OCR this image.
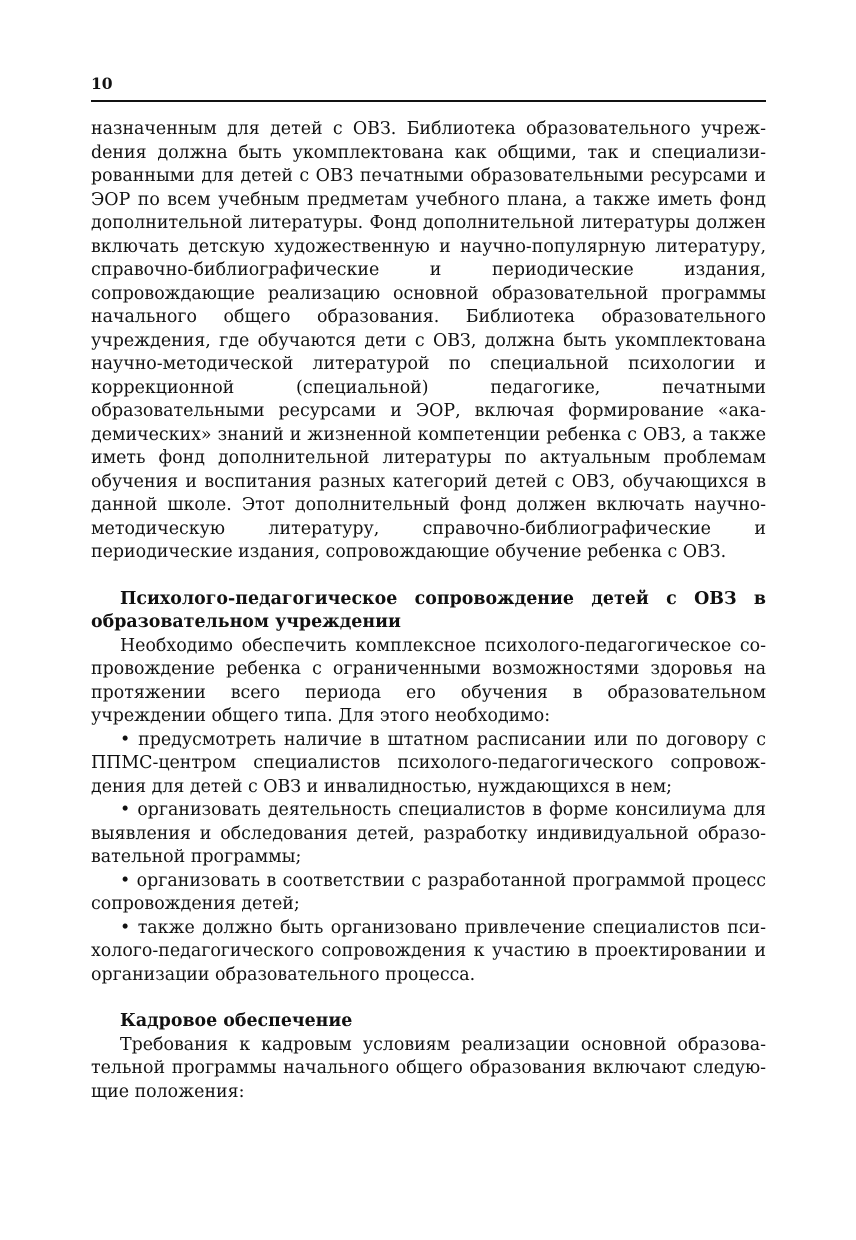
10

назначенным для детей с ОВЗ. Библиотека образовательного учрежdения должна быть укомплектована как общими, так и специализированными для детей с ОВЗ печатными образовательными ресурсами и ЭОР по всем учебным предметам учебного плана, а также иметь фонд дополнительной литературы. Фонд дополнительной литературы должен включать детскую художественную и научно-популярную литературу, справочно-библиографические и периодические издания, сопровождающие реализацию основной образовательной программы начального общего образования. Библиотека образовательного учреждения, где обучаются дети с ОВЗ, должна быть укомплектована научно-методической литературой по специальной психологии и коррекционной (специальной) педагогике, печатными образовательными ресурсами и ЭОР, включая формирование «академических» знаний и жизненной компетенции ребенка с ОВЗ, а также иметь фонд дополнительной литературы по актуальным проблемам обучения и воспитания разных категорий детей с ОВЗ, обучающихся в данной школе. Этот дополнительный фонд должен включать научно-методическую литературу, справочно-библиографические и периодические издания, сопровождающие обучение ребенка с ОВЗ.

Психолого-педагогическое сопровождение детей с ОВЗ в образовательном учреждении

Необходимо обеспечить комплексное психолого-педагогическое сопровождение ребенка с ограниченными возможностями здоровья на протяжении всего периода его обучения в образовательном учреждении общего типа. Для этого необходимо:

• предусмотреть наличие в штатном расписании или по договору с ППМС-центром специалистов психолого-педагогического сопровождения для детей с ОВЗ и инвалидностью, нуждающихся в нем;

• организовать деятельность специалистов в форме консилиума для выявления и обследования детей, разработку индивидуальной образовательной программы;

• организовать в соответствии с разработанной программой процесс сопровождения детей;

• также должно быть организовано привлечение специалистов психолого-педагогического сопровождения к участию в проектировании и организации образовательного процесса.

Кадровое обеспечение

Требования к кадровым условиям реализации основной образовательной программы начального общего образования включают следующие положения:
